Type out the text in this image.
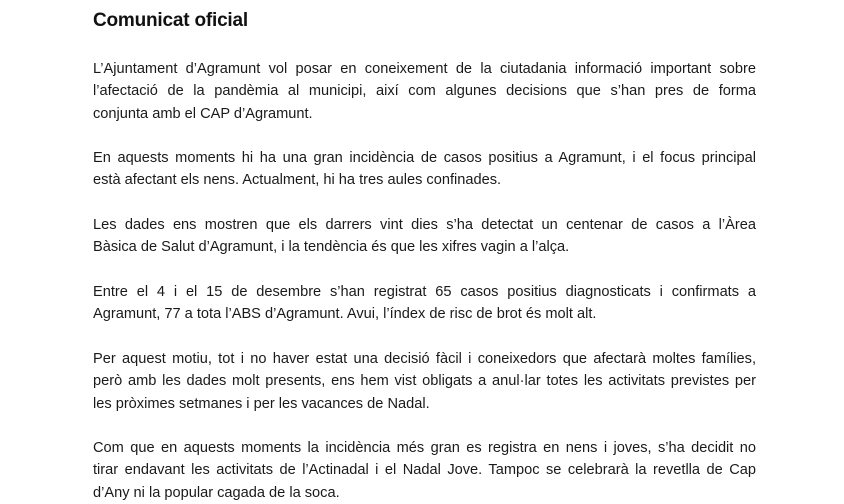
Comunicat oficial

L’Ajuntament d’Agramunt vol posar en coneixement de la ciutadania informació important sobre
l’afectació de la pandèmia al municipi, així com algunes decisions que s’han pres de forma
conjunta amb el CAP d’Agramunt.

En aquests moments hi ha una gran incidència de casos positius a Agramunt, i el focus principal
està afectant els nens. Actualment, hi ha tres aules confinades.

Les dades ens mostren que els darrers vint dies s’ha detectat un centenar de casos a l’Àrea
Bàsica de Salut d’Agramunt, i la tendència és que les xifres vagin a l’alça.

Entre el 4 i el 15 de desembre s’han registrat 65 casos positius diagnosticats i confirmats a
Agramunt, 77 a tota l’ABS d’Agramunt. Avui, l’índex de risc de brot és molt alt.

Per aquest motiu, tot i no haver estat una decisió fàcil i coneixedors que afectarà moltes famílies,
però amb les dades molt presents, ens hem vist obligats a anul·lar totes les activitats previstes per
les pròximes setmanes i per les vacances de Nadal.

Com que en aquests moments la incidència més gran es registra en nens i joves, s’ha decidit no
tirar endavant les activitats de l’Actinadal i el Nadal Jove. Tampoc se celebrarà la revetlla de Cap
d’Any ni la popular cagada de la soca.
